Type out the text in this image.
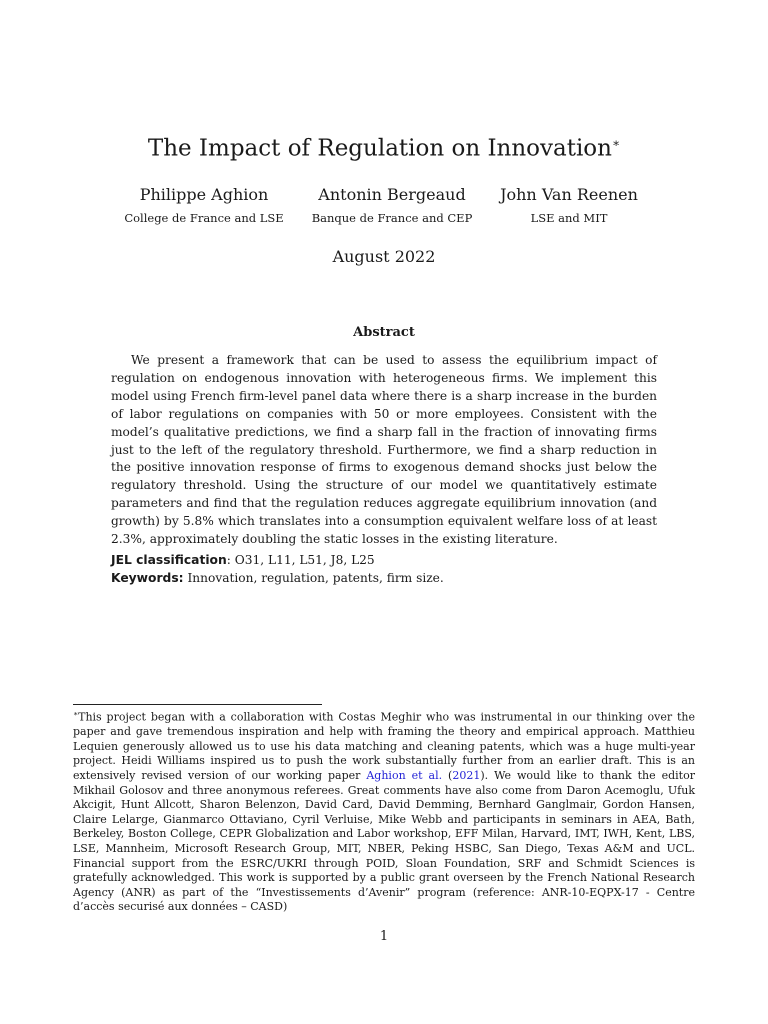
The Impact of Regulation on Innovation∗
Philippe Aghion
College de France and LSE
Antonin Bergeaud
Banque de France and CEP
John Van Reenen
LSE and MIT
August 2022
Abstract

We present a framework that can be used to assess the equilibrium impact of regulation on endogenous innovation with heterogeneous firms. We implement this model using French firm-level panel data where there is a sharp increase in the burden of labor regulations on companies with 50 or more employees. Consistent with the model’s qualitative predictions, we find a sharp fall in the fraction of innovating firms just to the left of the regulatory threshold. Furthermore, we find a sharp reduction in the positive innovation response of firms to exogenous demand shocks just below the regulatory threshold. Using the structure of our model we quantitatively estimate parameters and find that the regulation reduces aggregate equilibrium innovation (and growth) by 5.8% which translates into a consumption equivalent welfare loss of at least 2.3%, approximately doubling the static losses in the existing literature.

JEL classification: O31, L11, L51, J8, L25
Keywords: Innovation, regulation, patents, firm size.

∗This project began with a collaboration with Costas Meghir who was instrumental in our thinking over the paper and gave tremendous inspiration and help with framing the theory and empirical approach. Matthieu Lequien generously allowed us to use his data matching and cleaning patents, which was a huge multi-year project. Heidi Williams inspired us to push the work substantially further from an earlier draft. This is an extensively revised version of our working paper Aghion et al. (2021). We would like to thank the editor Mikhail Golosov and three anonymous referees. Great comments have also come from Daron Acemoglu, Ufuk Akcigit, Hunt Allcott, Sharon Belenzon, David Card, David Demming, Bernhard Ganglmair, Gordon Hansen, Claire Lelarge, Gianmarco Ottaviano, Cyril Verluise, Mike Webb and participants in seminars in AEA, Bath, Berkeley, Boston College, CEPR Globalization and Labor workshop, EFF Milan, Harvard, IMT, IWH, Kent, LBS, LSE, Mannheim, Microsoft Research Group, MIT, NBER, Peking HSBC, San Diego, Texas A&M and UCL. Financial support from the ESRC/UKRI through POID, Sloan Foundation, SRF and Schmidt Sciences is gratefully acknowledged. This work is supported by a public grant overseen by the French National Research Agency (ANR) as part of the “Investissements d’Avenir” program (reference: ANR-10-EQPX-17 - Centre d’accès securisé aux données – CASD)

1
